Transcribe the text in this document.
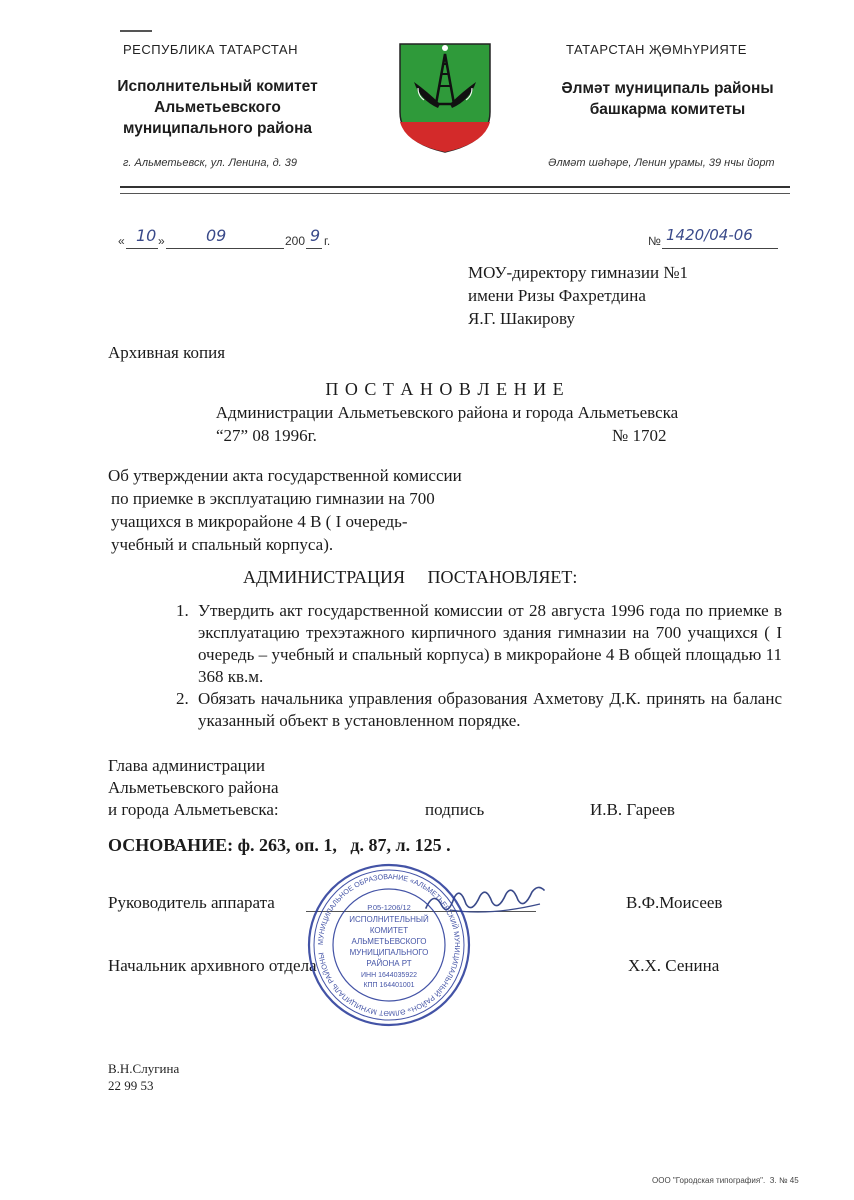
РЕСПУБЛИКА ТАТАРСТАН
Исполнительный комитет
Альметьевского
муниципального района
г. Альметьевск, ул. Ленина, д. 39
ТАТАРСТАН ҖӨМҺҮРИЯТЕ
Әлмәт муниципаль районы
башкарма комитеты
Әлмәт шәһәре, Ленин урамы, 39 нчы йорт
« 10 »	09	200 9 г.	№ 1420/04-06
МОУ-директору гимназии №1
имени Ризы Фахретдина
Я.Г. Шакирову
Архивная копия
П О С Т А Н О В Л Е Н И Е
Администрации Альметьевского района и города Альметьевска
“27” 08 1996г.	№ 1702
Об утверждении акта государственной комиссии
по приемке в эксплуатацию гимназии на 700
учащихся в микрорайоне 4 В ( I очередь-
учебный и спальный корпуса).
АДМИНИСТРАЦИЯ     ПОСТАНОВЛЯЕТ:
1. Утвердить акт государственной комиссии от 28 августа 1996 года по приемке в эксплуатацию трехэтажного кирпичного здания гимназии на 700 учащихся ( I очередь – учебный и спальный корпуса) в микрорайоне 4 В общей площадью 11 368 кв.м.
2. Обязать начальника управления образования Ахметову Д.К. принять на баланс указанный объект в установленном порядке.
Глава администрации
Альметьевского района
и города Альметьевска:	подпись	И.В. Гареев
ОСНОВАНИЕ: ф. 263, оп. 1,   д. 87, л. 125 .
Руководитель аппарата	В.Ф.Моисеев
Начальник архивного отдела	Х.Х. Сенина
МУНИЦИПАЛЬНОЕ ОБРАЗОВАНИЕ «АЛЬМЕТЬЕВСКИЙ МУНИЦИПАЛЬНЫЙ РАЙОН» ӘЛМӘТ МУНИЦИПАЛЬ РАЙОНЫ
Р.05-1206/12
ИСПОЛНИТЕЛЬНЫЙ
КОМИТЕТ
АЛЬМЕТЬЕВСКОГО
МУНИЦИПАЛЬНОГО
РАЙОНА РТ
ИНН 1644035922
КПП 164401001
В.Н.Слугина
22 99 53
ООО "Городская типография".  З. № 45
